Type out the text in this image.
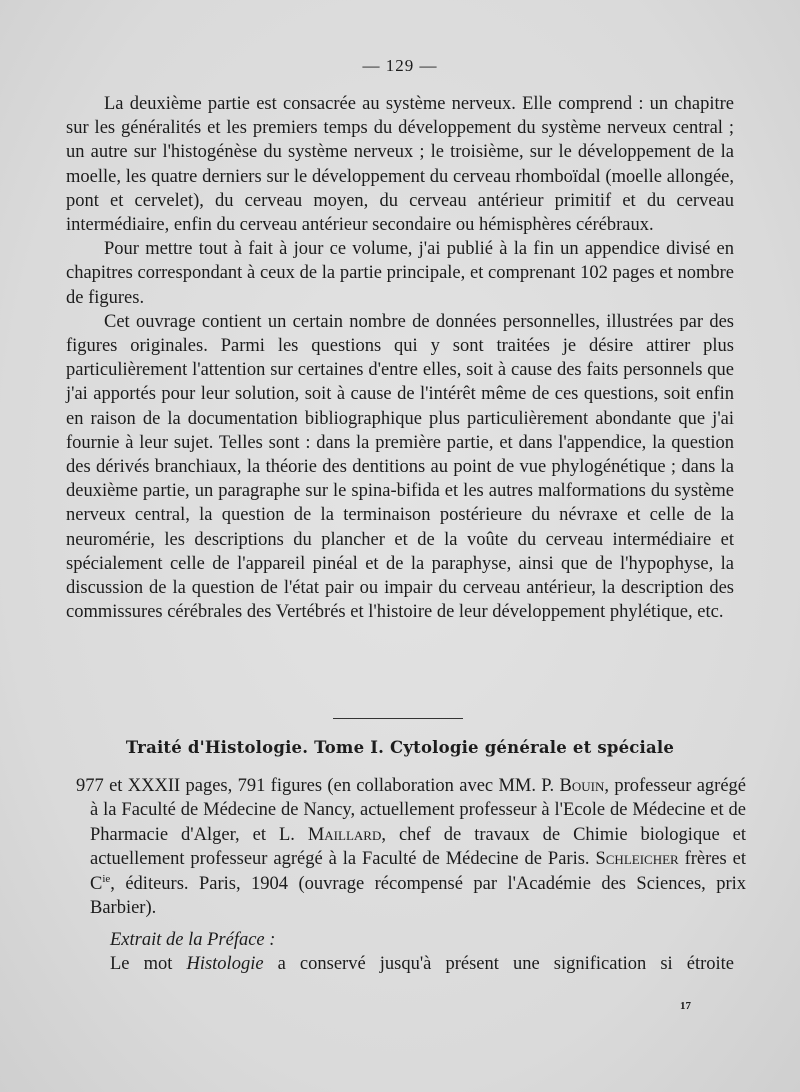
— 129 —

La deuxième partie est consacrée au système nerveux. Elle comprend : un chapitre sur les généralités et les premiers temps du développement du système nerveux central ; un autre sur l'histogénèse du système nerveux ; le troisième, sur le développement de la moelle, les quatre derniers sur le développement du cerveau rhomboïdal (moelle allongée, pont et cervelet), du cerveau moyen, du cerveau antérieur primitif et du cerveau intermédiaire, enfin du cerveau antérieur secondaire ou hémisphères cérébraux.

Pour mettre tout à fait à jour ce volume, j'ai publié à la fin un appendice divisé en chapitres correspondant à ceux de la partie principale, et comprenant 102 pages et nombre de figures.

Cet ouvrage contient un certain nombre de données personnelles, illustrées par des figures originales. Parmi les questions qui y sont traitées je désire attirer plus particulièrement l'attention sur certaines d'entre elles, soit à cause des faits personnels que j'ai apportés pour leur solution, soit à cause de l'intérêt même de ces questions, soit enfin en raison de la documentation bibliographique plus particulièrement abondante que j'ai fournie à leur sujet. Telles sont : dans la première partie, et dans l'appendice, la question des dérivés branchiaux, la théorie des dentitions au point de vue phylogénétique ; dans la deuxième partie, un paragraphe sur le spina-bifida et les autres malformations du système nerveux central, la question de la terminaison postérieure du névraxe et celle de la neuromérie, les descriptions du plancher et de la voûte du cerveau intermédiaire et spécialement celle de l'appareil pinéal et de la paraphyse, ainsi que de l'hypophyse, la discussion de la question de l'état pair ou impair du cerveau antérieur, la description des commissures cérébrales des Vertébrés et l'histoire de leur développement phylétique, etc.

Traité d'Histologie. Tome I. Cytologie générale et spéciale
977 et XXXII pages, 791 figures (en collaboration avec MM. P. Bouin, professeur agrégé à la Faculté de Médecine de Nancy, actuellement professeur à l'Ecole de Médecine et de Pharmacie d'Alger, et L. Maillard, chef de travaux de Chimie biologique et actuellement professeur agrégé à la Faculté de Médecine de Paris. Schleicher frères et $C^{ie}$, éditeurs. Paris, 1904 (ouvrage récompensé par l'Académie des Sciences, prix Barbier).
Extrait de la Préface :
Le mot Histologie a conservé jusqu'à présent une signification si étroite
17
